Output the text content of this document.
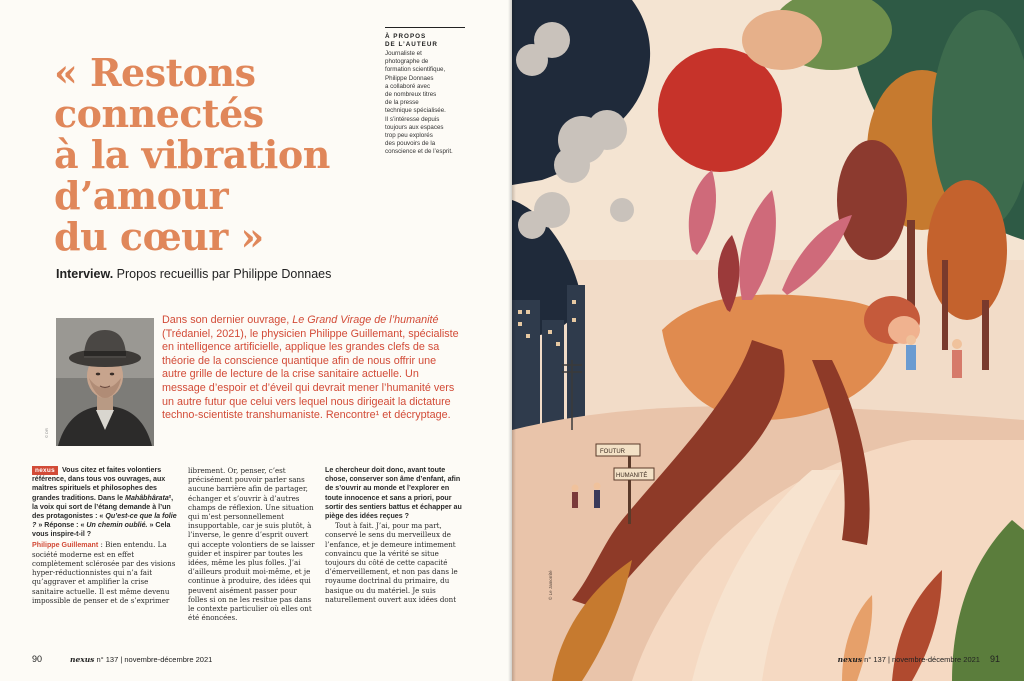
« Restons
connectés
à la vibration
d’amour
du cœur »
À PROPOS
DE L’AUTEUR
Journaliste et
photographe de
formation scientifique,
Philippe Donnaes
a collaboré avec
de nombreux titres
de la presse
technique spécialisée.
Il s’intéresse depuis
toujours aux espaces
trop peu explorés
des pouvoirs de la
conscience et de l’esprit.
Interview. Propos recueillis par Philippe Donnaes
© DR

Dans son dernier ouvrage, Le Grand Virage de l’humanité (Trédaniel, 2021), le physicien Philippe Guillemant, spécialiste en intelligence artificielle, applique les grandes clefs de sa théorie de la conscience quantique afin de nous offrir une autre grille de lecture de la crise sanitaire actuelle. Un message d’espoir et d’éveil qui devrait mener l’humanité vers un autre futur que celui vers lequel nous dirigeait la dictature techno-scientiste transhumaniste. Rencontre¹ et décryptage.

nexus Vous citez et faites volontiers référence, dans tous vos ouvrages, aux maîtres spirituels et philosophes des grandes traditions. Dans le Mahâbhârata², la voix qui sort de l’étang demande à l’un des protagonistes : « Qu’est-ce que la folie ? » Réponse : « Un chemin oublié. » Cela vous inspire-t-il ?

Philippe Guillemant : Bien entendu. La société moderne est en effet complètement sclérosée par des visions hyper-réductionnistes qui n’a fait qu’aggraver et amplifier la crise sanitaire actuelle. Il est même devenu impossible de penser et de s’exprimer

librement. Or, penser, c’est précisément pouvoir parler sans aucune barrière afin de partager, échanger et s’ouvrir à d’autres champs de réflexion. Une situation qui m’est personnellement insupportable, car je suis plutôt, à l’inverse, le genre d’esprit ouvert qui accepte volontiers de se laisser guider et inspirer par toutes les idées, même les plus folles. J’ai d’ailleurs produit moi-même, et je continue à produire, des idées qui peuvent aisément passer pour folles si on ne les resitue pas dans le contexte particulier où elles ont été énoncées.

Le chercheur doit donc, avant toute chose, conserver son âme d’enfant, afin de s’ouvrir au monde et l’explorer en toute innocence et sans a priori, pour sortir des sentiers battus et échapper au piège des idées reçues ?

Tout à fait. J’ai, pour ma part, conservé le sens du merveilleux de l’enfance, et je demeure intimement convaincu que la vérité se situe toujours du côté de cette capacité d’émerveillement, et non pas dans le royaume doctrinal du primaire, du basique ou du matériel. Je suis naturellement ouvert aux idées dont

90	nexus n° 137 | novembre-décembre 2021
FOUTUR
HUMANITÉ
© Le Jamorrité
nexus n° 137 | novembre-décembre 2021 91
